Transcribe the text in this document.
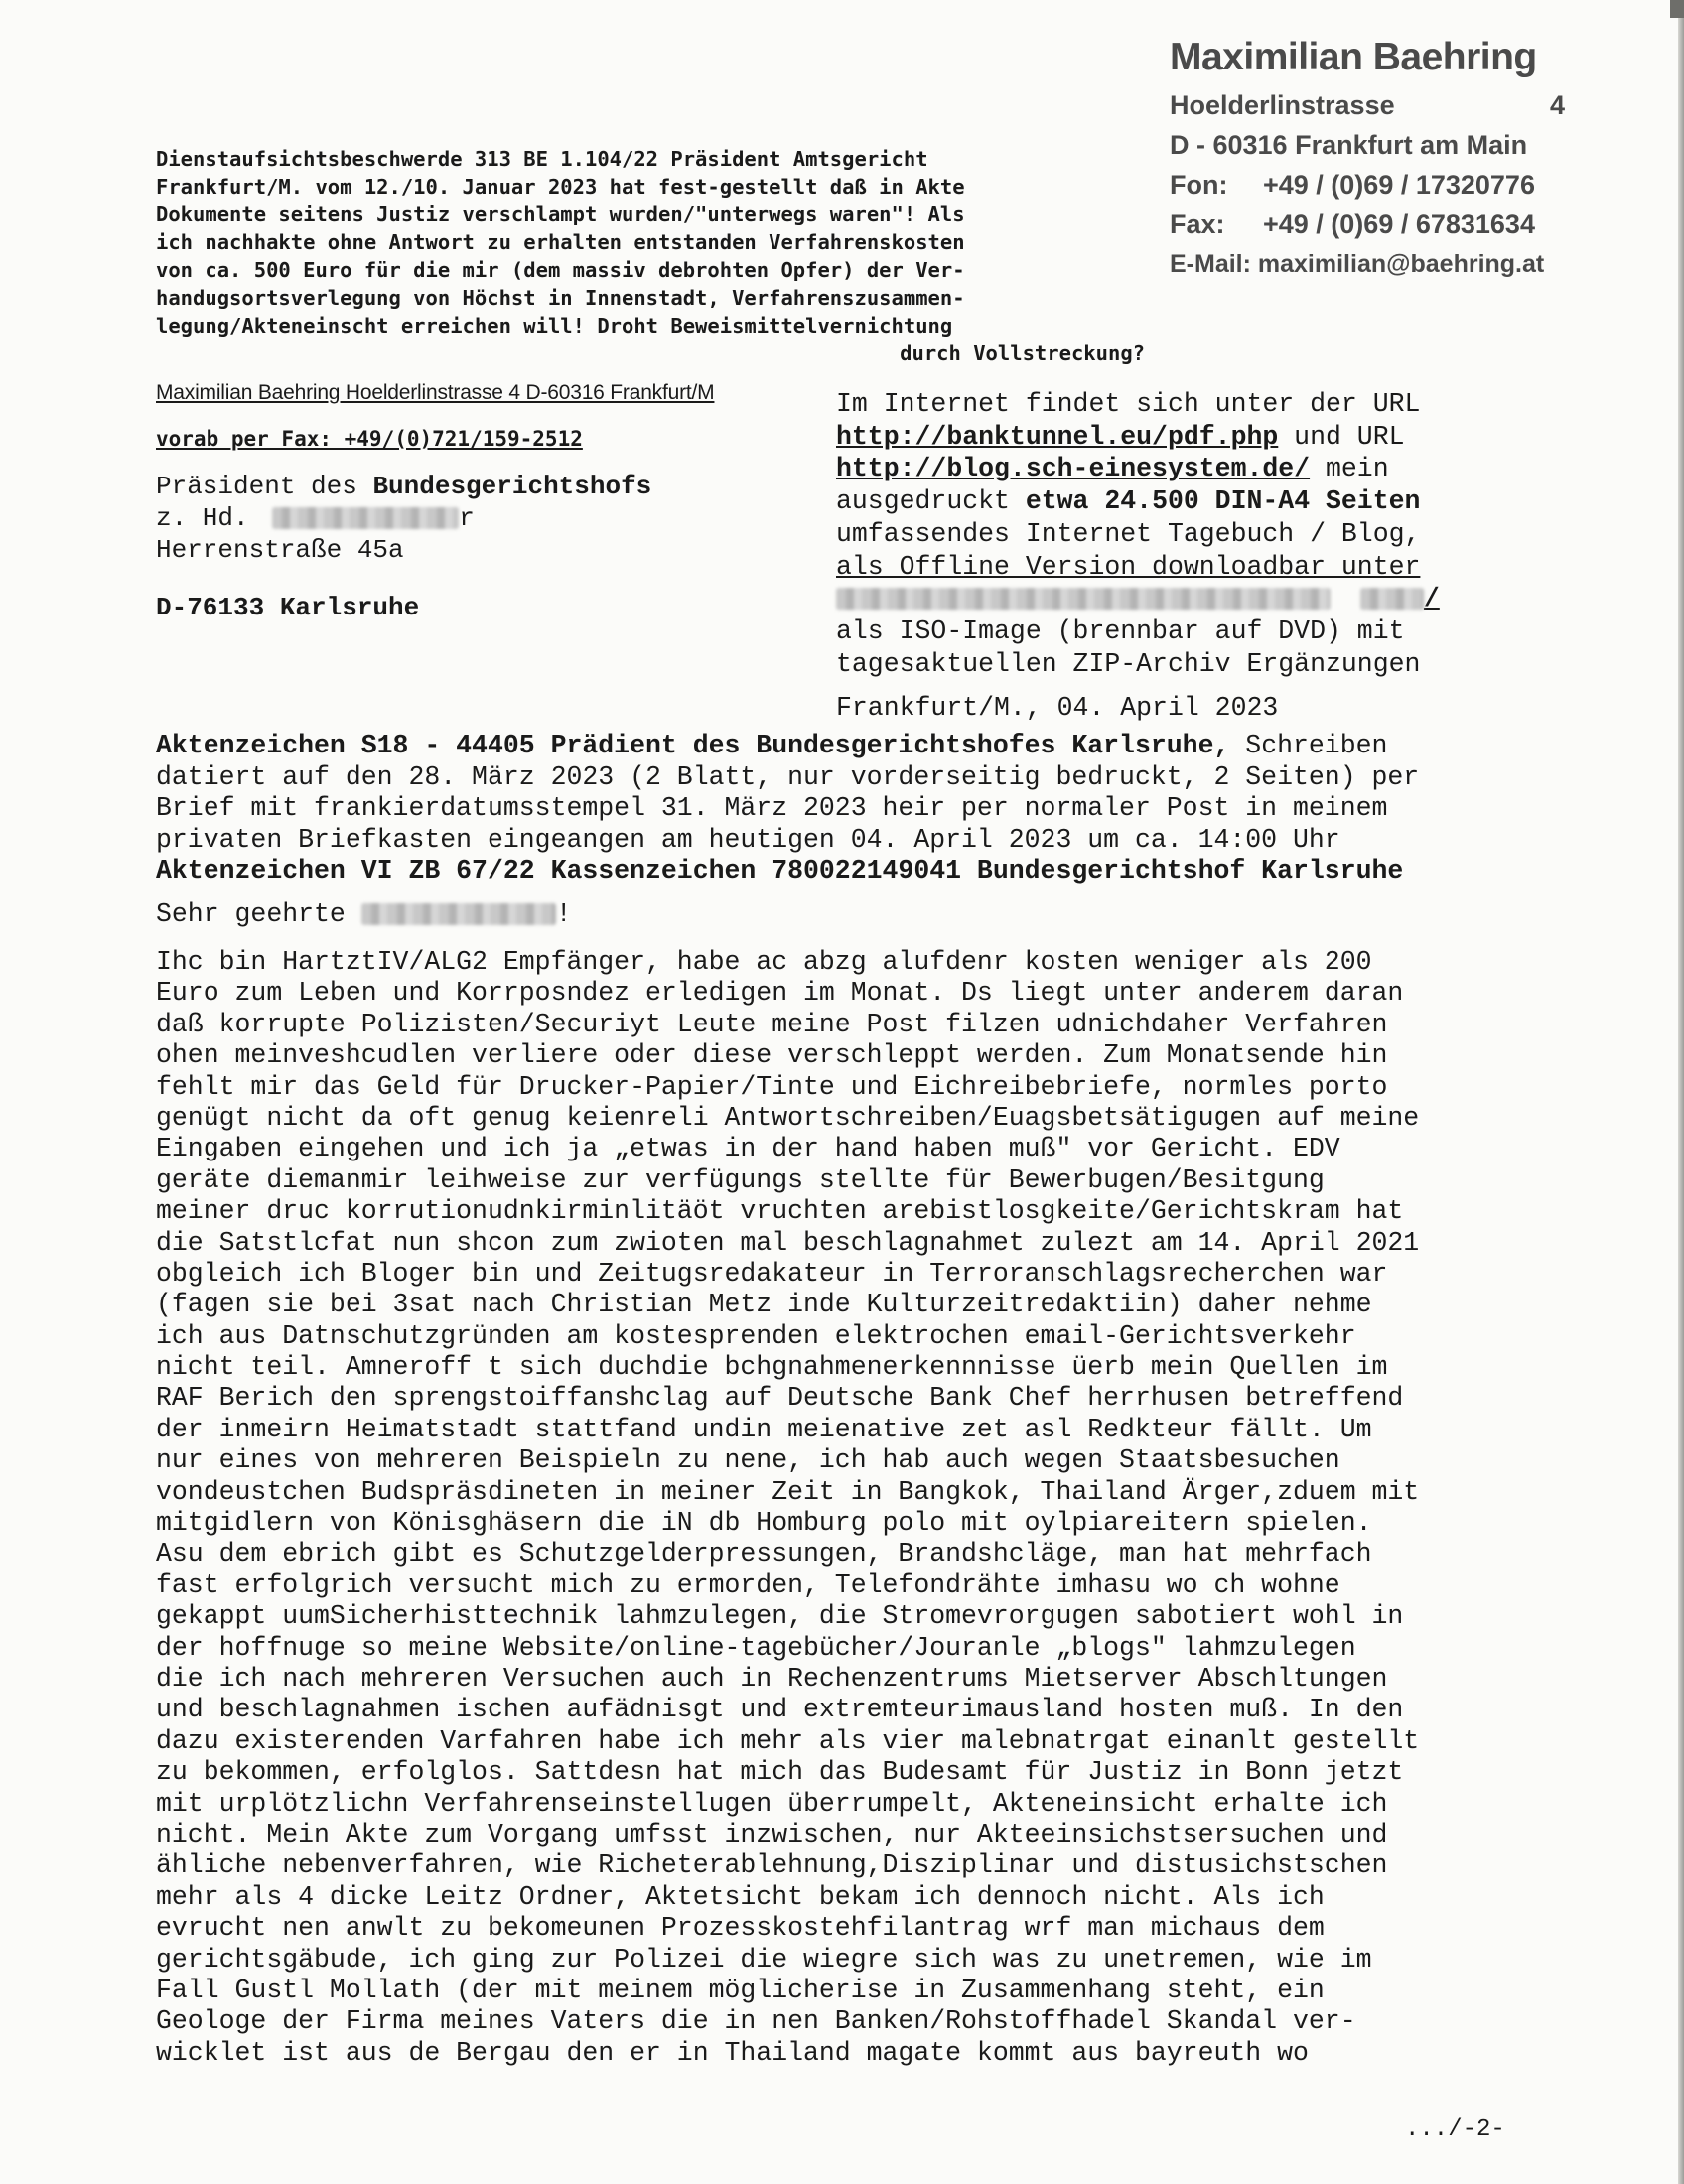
Maximilian Baehring
Hoelderlinstrasse	4
D - 60316 Frankfurt am Main
Fon:	+49 / (0)69 / 17320776
Fax:	+49 / (0)69 / 67831634
E-Mail: maximilian@baehring.at
Dienstaufsichtsbeschwerde 313 BE 1.104/22 Präsident Amtsgericht
Frankfurt/M. vom 12./10. Januar 2023 hat fest-gestellt daß in Akte
Dokumente seitens Justiz verschlampt wurden/"unterwegs waren"! Als
ich nachhakte ohne Antwort zu erhalten entstanden Verfahrenskosten
von ca. 500 Euro für die mir (dem massiv debrohten Opfer) der Ver-
handugsortsverlegung von Höchst in Innenstadt, Verfahrenszusammen-
legung/Akteneinscht erreichen will! Droht Beweismittelvernichtung
durch Vollstreckung?
Maximilian Baehring Hoelderlinstrasse 4 D-60316 Frankfurt/M
vorab per Fax: +49/(0)721/159-2512
Präsident des Bundesgerichtshofs
z. Hd.	r
Herrenstraße 45a
D-76133 Karlsruhe
Im Internet findet sich unter der URL
http://banktunnel.eu/pdf.php und URL
http://blog.sch-einesystem.de/ mein
ausgedruckt etwa 24.500 DIN-A4 Seiten
umfassendes Internet Tagebuch / Blog,
als Offline Version downloadbar unter
/
als ISO-Image (brennbar auf DVD) mit
tagesaktuellen ZIP-Archiv Ergänzungen
Frankfurt/M., 04. April 2023
Aktenzeichen S18 - 44405 Prädient des Bundesgerichtshofes Karlsruhe, Schreiben
datiert auf den 28. März 2023 (2 Blatt, nur vorderseitig bedruckt, 2 Seiten) per
Brief mit frankierdatumsstempel 31. März 2023 heir per normaler Post in meinem
privaten Briefkasten eingeangen am heutigen 04. April 2023 um ca. 14:00 Uhr
Aktenzeichen VI ZB 67/22 Kassenzeichen 780022149041 Bundesgerichtshof Karlsruhe
Sehr geehrte	!
Ihc bin HartztIV/ALG2 Empfänger, habe ac abzg alufdenr kosten weniger als 200
Euro zum Leben und Korrposndez erledigen im Monat. Ds liegt unter anderem daran
daß korrupte Polizisten/Securiyt Leute meine Post filzen udnichdaher Verfahren
ohen meinveshcudlen verliere oder diese verschleppt werden. Zum Monatsende hin
fehlt mir das Geld für Drucker-Papier/Tinte und Eichreibebriefe, normles porto
genügt nicht da oft genug keienreli Antwortschreiben/Euagsbetsätigugen auf meine
Eingaben eingehen und ich ja „etwas in der hand haben muß" vor Gericht. EDV
geräte diemanmir leihweise zur verfügungs stellte für Bewerbugen/Besitgung
meiner druc korrutionudnkirminlitäöt vruchten arebistlosgkeite/Gerichtskram hat
die Satstlcfat nun shcon zum zwioten mal beschlagnahmet zulezt am 14. April 2021
obgleich ich Bloger bin und Zeitugsredakateur in Terroranschlagsrecherchen war
(fagen sie bei 3sat nach Christian Metz inde Kulturzeitredaktiin) daher nehme
ich aus Datnschutzgründen am kostesprenden elektrochen email-Gerichtsverkehr
nicht teil. Amneroff t sich duchdie bchgnahmenerkennnisse üerb mein Quellen im
RAF Berich den sprengstoiffanshclag auf Deutsche Bank Chef herrhusen betreffend
der inmeirn Heimatstadt stattfand undin meienative zet asl Redkteur fällt. Um
nur eines von mehreren Beispieln zu nene, ich hab auch wegen Staatsbesuchen
vondeustchen Budspräsdineten in meiner Zeit in Bangkok, Thailand Ärger,zduem mit
mitgidlern von Könisghäsern die iN db Homburg polo mit oylpiareitern spielen.
Asu dem ebrich gibt es Schutzgelderpressungen, Brandshcläge, man hat mehrfach
fast erfolgrich versucht mich zu ermorden, Telefondrähte imhasu wo ch wohne
gekappt uumSicherhisttechnik lahmzulegen, die Stromevrorgugen sabotiert wohl in
der hoffnuge so meine Website/online-tagebücher/Jouranle „blogs" lahmzulegen
die ich nach mehreren Versuchen auch in Rechenzentrums Mietserver Abschltungen
und beschlagnahmen ischen aufädnisgt und extremteurimausland hosten muß. In den
dazu existerenden Varfahren habe ich mehr als vier malebnatrgat einanlt gestellt
zu bekommen, erfolglos. Sattdesn hat mich das Budesamt für Justiz in Bonn jetzt
mit urplötzlichn Verfahrenseinstellugen überrumpelt, Akteneinsicht erhalte ich
nicht. Mein Akte zum Vorgang umfsst inzwischen, nur Akteeinsichstsersuchen und
ähliche nebenverfahren, wie Richeterablehnung,Disziplinar und distusichstschen
mehr als 4 dicke Leitz Ordner, Aktetsicht bekam ich dennoch nicht. Als ich
evrucht nen anwlt zu bekomeunen Prozesskostehfilantrag wrf man michaus dem
gerichtsgäbude, ich ging zur Polizei die wiegre sich was zu unetremen, wie im
Fall Gustl Mollath (der mit meinem möglicherise in Zusammenhang steht, ein
Geologe der Firma meines Vaters die in nen Banken/Rohstoffhadel Skandal ver-
wicklet ist aus de Bergau den er in Thailand magate kommt aus bayreuth wo
.../-2-
